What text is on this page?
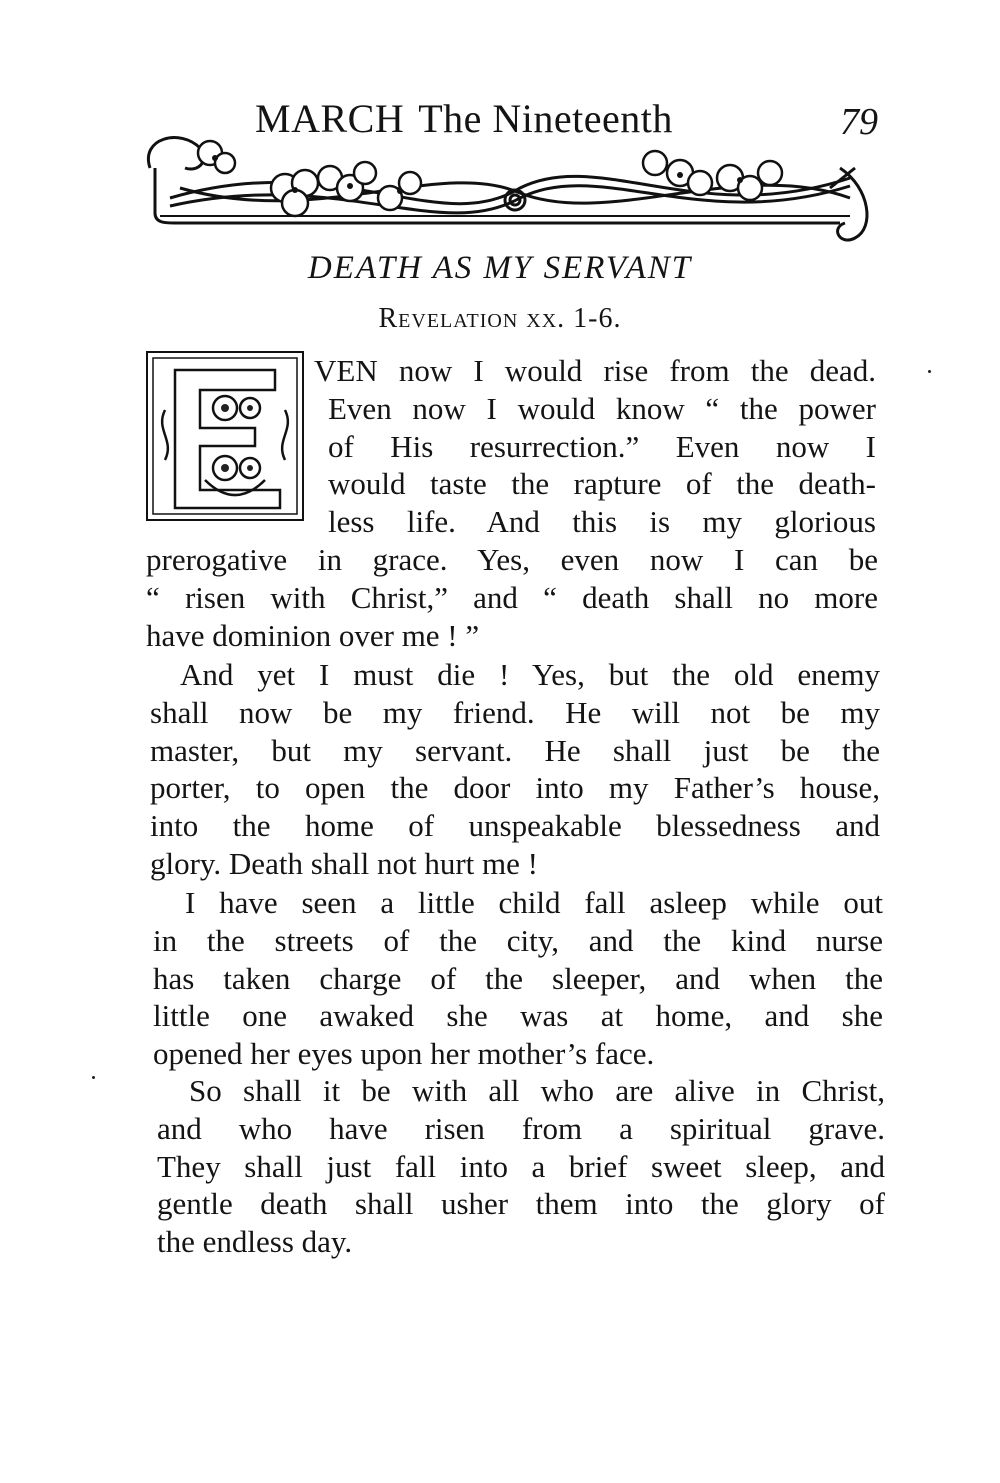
MARCH The Nineteenth	79
DEATH AS MY SERVANT
Revelation xx. 1-6.
VEN now I would rise from the dead.
Even now I would know “ the power
of His resurrection.” Even now I
would taste the rapture of the death-
less life. And this is my glorious
prerogative in grace. Yes, even now I can be
“ risen with Christ,” and “ death shall no more
have dominion over me ! ”
And yet I must die ! Yes, but the old enemy
shall now be my friend. He will not be my
master, but my servant. He shall just be the
porter, to open the door into my Father’s house,
into the home of unspeakable blessedness and
glory. Death shall not hurt me !
I have seen a little child fall asleep while out
in the streets of the city, and the kind nurse
has taken charge of the sleeper, and when the
little one awaked she was at home, and she
opened her eyes upon her mother’s face.
So shall it be with all who are alive in Christ,
and who have risen from a spiritual grave.
They shall just fall into a brief sweet sleep, and
gentle death shall usher them into the glory of
the endless day.
